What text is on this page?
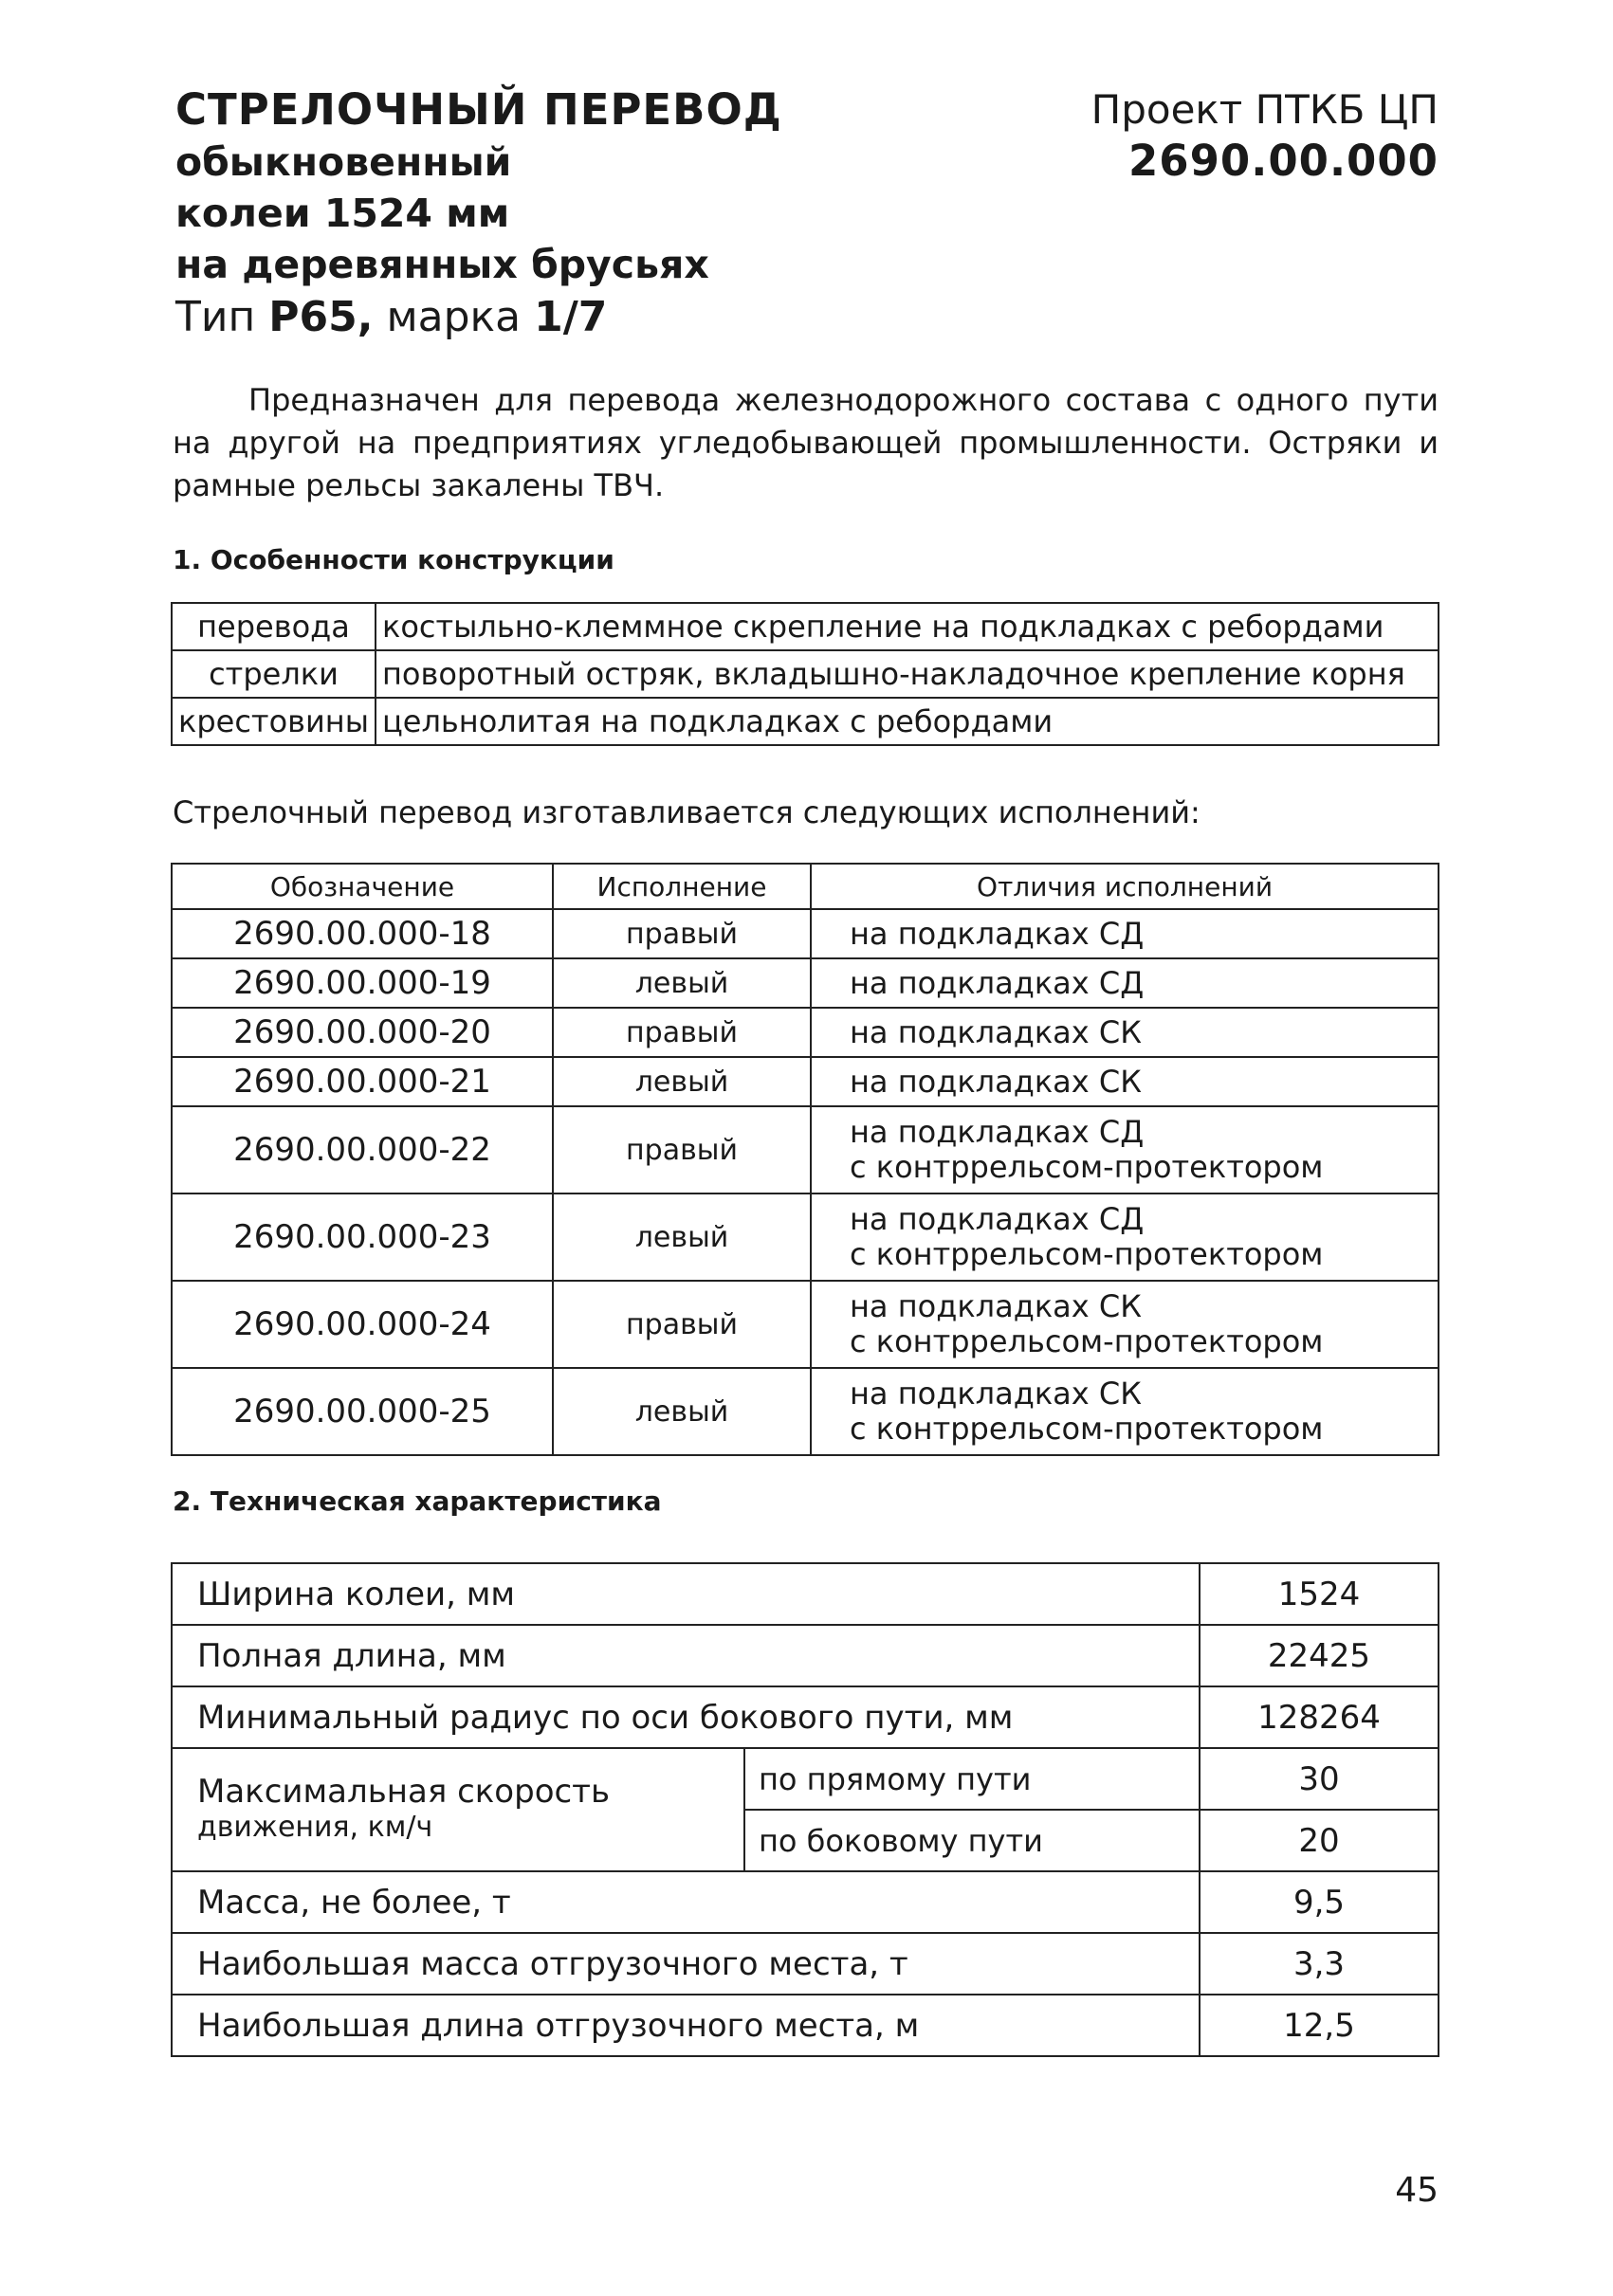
СТРЕЛОЧНЫЙ ПЕРЕВОД
обыкновенный
колеи 1524 мм
на деревянных брусьях
Тип Р65, марка 1/7
Проект ПТКБ ЦП
2690.00.000

Предназначен для перевода железнодорожного состава с одного пути на другой на предприятиях угледобывающей промышленности. Остряки и рамные рельсы закалены ТВЧ.

1. Особенности конструкции
перевода	костыльно-клеммное скрепление на подкладках с ребордами
стрелки	поворотный остряк, вкладышно-накладочное крепление корня
крестовины	цельнолитая на подкладках с ребордами

Стрелочный перевод изготавливается следующих исполнений:

Обозначение	Исполнение	Отличия исполнений
2690.00.000-18	правый	на подкладках СД

2690.00.000-19	левый	на подкладках СД

2690.00.000-20	правый	на подкладках СК

2690.00.000-21	левый	на подкладках СК

2690.00.000-22	правый	на подкладках СД
с контррельсом-протектором

2690.00.000-23	левый	на подкладках СД
с контррельсом-протектором

2690.00.000-24	правый	на подкладках СК
с контррельсом-протектором

2690.00.000-25	левый	на подкладках СК
с контррельсом-протектором
2. Техническая характеристика
Ширина колеи, мм		1524
Полная длина, мм		22425
Минимальный радиус по оси бокового пути, мм		128264

Максимальная скорость
движения, км/ч	по прямому пути	30
	по боковому пути	20
Масса, не более, т		9,5
Наибольшая масса отгрузочного места, т		3,3
Наибольшая длина отгрузочного места, м		12,5
45
